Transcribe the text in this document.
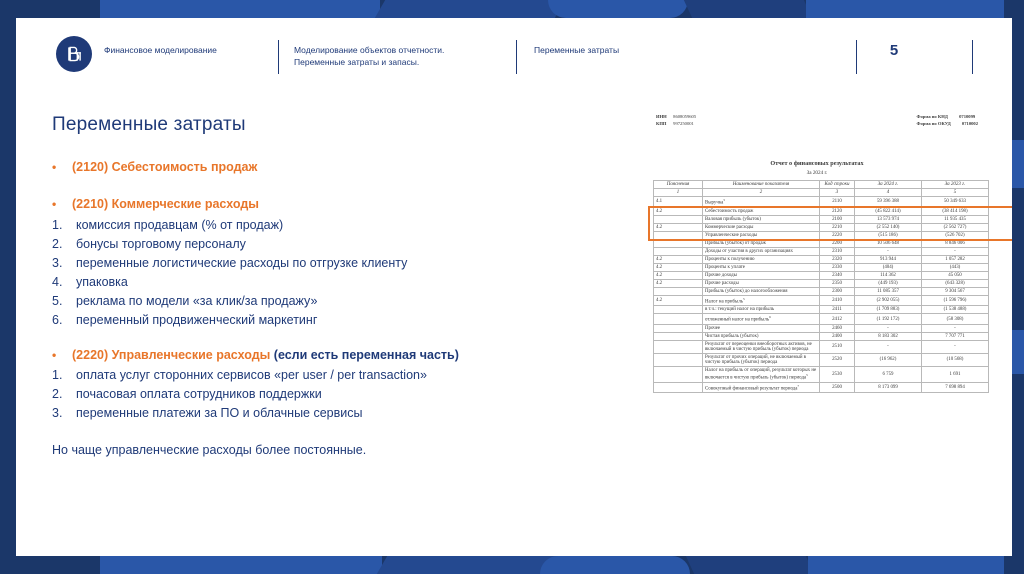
Финансовое моделирование	Моделирование объектов отчетности. Переменные затраты и запасы.
Переменные затраты	5
Переменные затраты
•	(2120) Себестоимость продаж
•	(2210) Коммерческие расходы
1.	комиссия продавцам (% от продаж)
2.	бонусы торговому персоналу
3.	переменные логистические расходы по отгрузке клиенту
4.	упаковка
5.	реклама по модели «за клик/за продажу»
6.	переменный продвиженческий маркетинг
•	(2220) Управленческие расходы (если есть переменная часть)
1.	оплата услуг сторонних сервисов «per user / per transaction»
2.	почасовая оплата сотрудников поддержки
3.	переменные платежи за ПО и облачные сервисы
Но чаще управленческие расходы более постоянные.
ИНН 8608059605
КПП 997250001
Форма по КНД 0710099
Форма по ОКУД 0710002
Отчет о финансовых результатах
За 2024 г.
Пояснения	Наименование показателя	Код строки	За 2024 г.	За 2023 г.
1	2	3	4	5
4.1	Выручка$^5$	2110	59 396 388	50 349 633
4.2	Себестоимость продаж	2120	(45 822 414)	(38 414 198)
	Валовая прибыль (убыток)	2100	13 573 974	11 935 435
4.2	Коммерческие расходы	2210	(2 552 140)	(2 562 727)
	Управленческие расходы	2220	(515 186)	(526 702)
	Прибыль (убыток) от продаж	2200	10 506 648	8 846 006
	Доходы от участия в других организациях	2310	-	-
4.2	Проценты к получению	2320	913 944	1 057 282
4.2	Проценты к уплате	2330	(404)	(443)
4.2	Прочие доходы	2340	114 362	45 050
4.2	Прочие расходы	2350	(449 193)	(643 328)
	Прибыль (убыток) до налогообложения	2300	11 085 357	9 304 567
4.2	Налог на прибыль$^5$	2410	(2 902 055)	(1 596 796)
	в т.ч.: текущий налог на прибыль	2411	(1 709 883)	(1 538 488)
	отложенный налог на прибыль$^6$	2412	(1 192 172)	(58 308)
	Прочее	2460	-	-
	Чистая прибыль (убыток)	2400	8 183 302	7 707 771
	Результат от переоценки внеоборотных активов, не включаемый в чистую прибыль (убыток) периода	2510	-	-
	Результат от прочих операций, не включаемый в чистую прибыль (убыток) периода	2520	(16 962)	(10 568)
	Налог на прибыль от операций, результат которых не включается в чистую прибыль (убыток) периода$^5$	2530	6 759	1 691
	Совокупный финансовый результат периода$^7$	2500	8 173 099	7 698 894
